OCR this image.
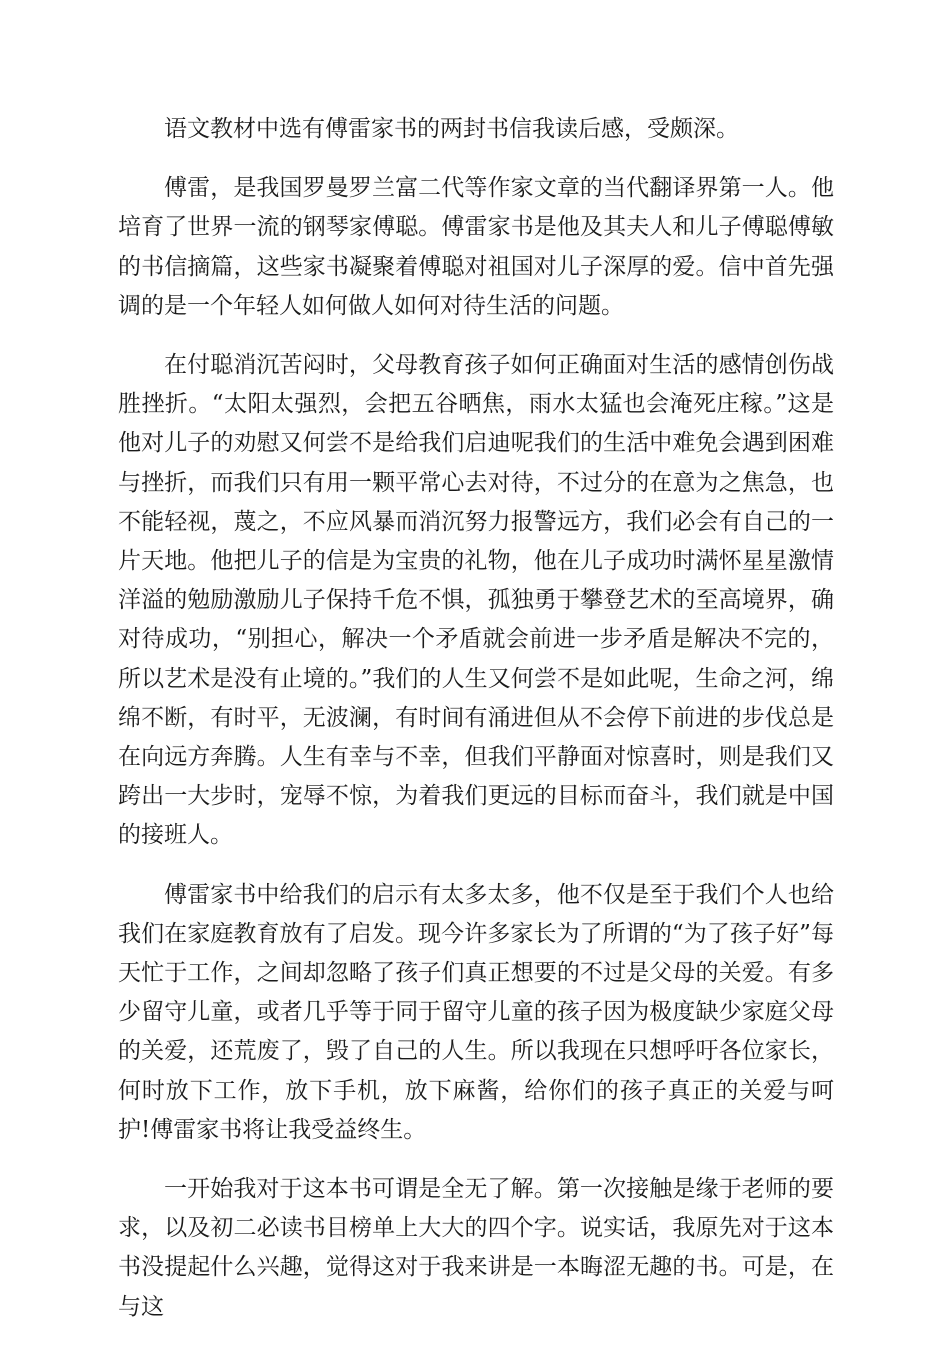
语文教材中选有傅雷家书的两封书信我读后感，受颇深。

傅雷，是我国罗曼罗兰富二代等作家文章的当代翻译界第一人。他培育了世界一流的钢琴家傅聪。傅雷家书是他及其夫人和儿子傅聪傅敏的书信摘篇，这些家书凝聚着傅聪对祖国对儿子深厚的爱。信中首先强调的是一个年轻人如何做人如何对待生活的问题。

在付聪消沉苦闷时，父母教育孩子如何正确面对生活的感情创伤战胜挫折。“太阳太强烈，会把五谷晒焦，雨水太猛也会淹死庄稼。”这是他对儿子的劝慰又何尝不是给我们启迪呢我们的生活中难免会遇到困难与挫折，而我们只有用一颗平常心去对待，不过分的在意为之焦急，也不能轻视，蔑之，不应风暴而消沉努力报警远方，我们必会有自己的一片天地。他把儿子的信是为宝贵的礼物，他在儿子成功时满怀星星激情洋溢的勉励激励儿子保持千危不惧，孤独勇于攀登艺术的至高境界，确对待成功，“别担心，解决一个矛盾就会前进一步矛盾是解决不完的，所以艺术是没有止境的。”我们的人生又何尝不是如此呢，生命之河，绵绵不断，有时平，无波澜，有时间有涌进但从不会停下前进的步伐总是在向远方奔腾。人生有幸与不幸，但我们平静面对惊喜时，则是我们又跨出一大步时，宠辱不惊，为着我们更远的目标而奋斗，我们就是中国的接班人。

傅雷家书中给我们的启示有太多太多，他不仅是至于我们个人也给我们在家庭教育放有了启发。现今许多家长为了所谓的“为了孩子好”每天忙于工作，之间却忽略了孩子们真正想要的不过是父母的关爱。有多少留守儿童，或者几乎等于同于留守儿童的孩子因为极度缺少家庭父母的关爱，还荒废了，毁了自己的人生。所以我现在只想呼吁各位家长，何时放下工作，放下手机，放下麻酱，给你们的孩子真正的关爱与呵护!傅雷家书将让我受益终生。

一开始我对于这本书可谓是全无了解。第一次接触是缘于老师的要求，以及初二必读书目榜单上大大的四个字。说实话，我原先对于这本书没提起什么兴趣，觉得这对于我来讲是一本晦涩无趣的书。可是，在与这
